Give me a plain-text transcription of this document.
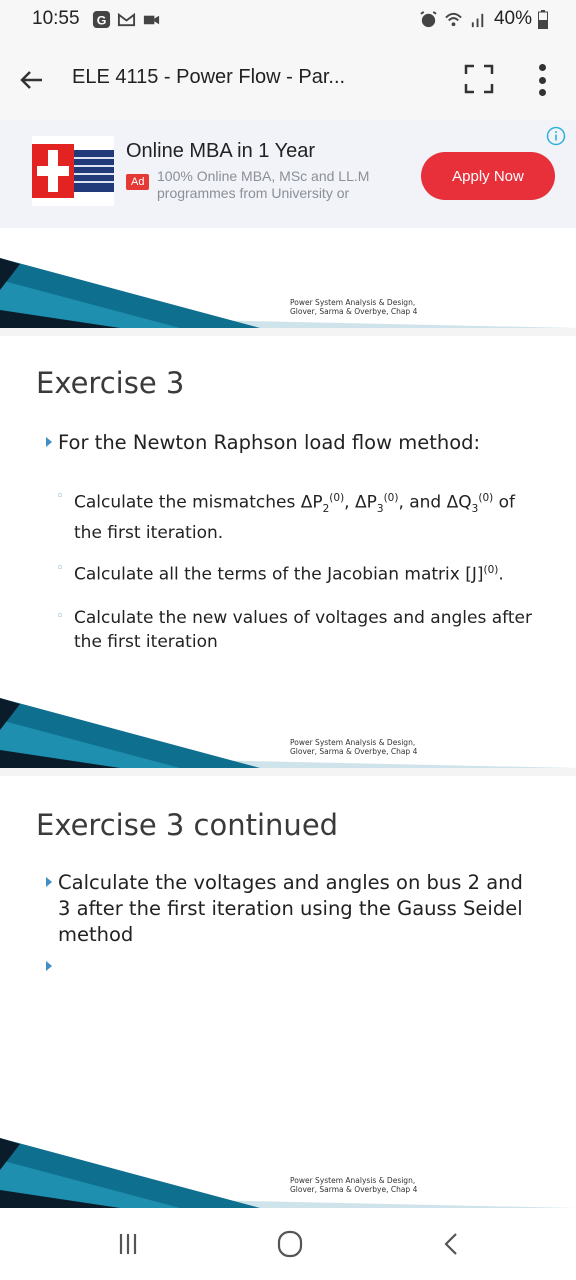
10:55 G	40%
ELE 4115 - Power Flow - Par...
Online MBA in 1 Year
Ad 100% Online MBA, MSc and LL.M programmes from University or
Apply Now
Power System Analysis & Design,
Glover, Sarma & Overbye, Chap 4
Exercise 3
For the Newton Raphson load flow method:
◦ Calculate the mismatches $\Delta P_2^{(0)}$, $\Delta P_3^{(0)}$, and $\Delta Q_3^{(0)}$ of the first iteration.
◦ Calculate all the terms of the Jacobian matrix $[J]^{(0)}$.
◦ Calculate the new values of voltages and angles after the first iteration
Power System Analysis & Design,
Glover, Sarma & Overbye, Chap 4
Exercise 3 continued
Calculate the voltages and angles on bus 2 and 3 after the first iteration using the Gauss Seidel method
Power System Analysis & Design,
Glover, Sarma & Overbye, Chap 4
